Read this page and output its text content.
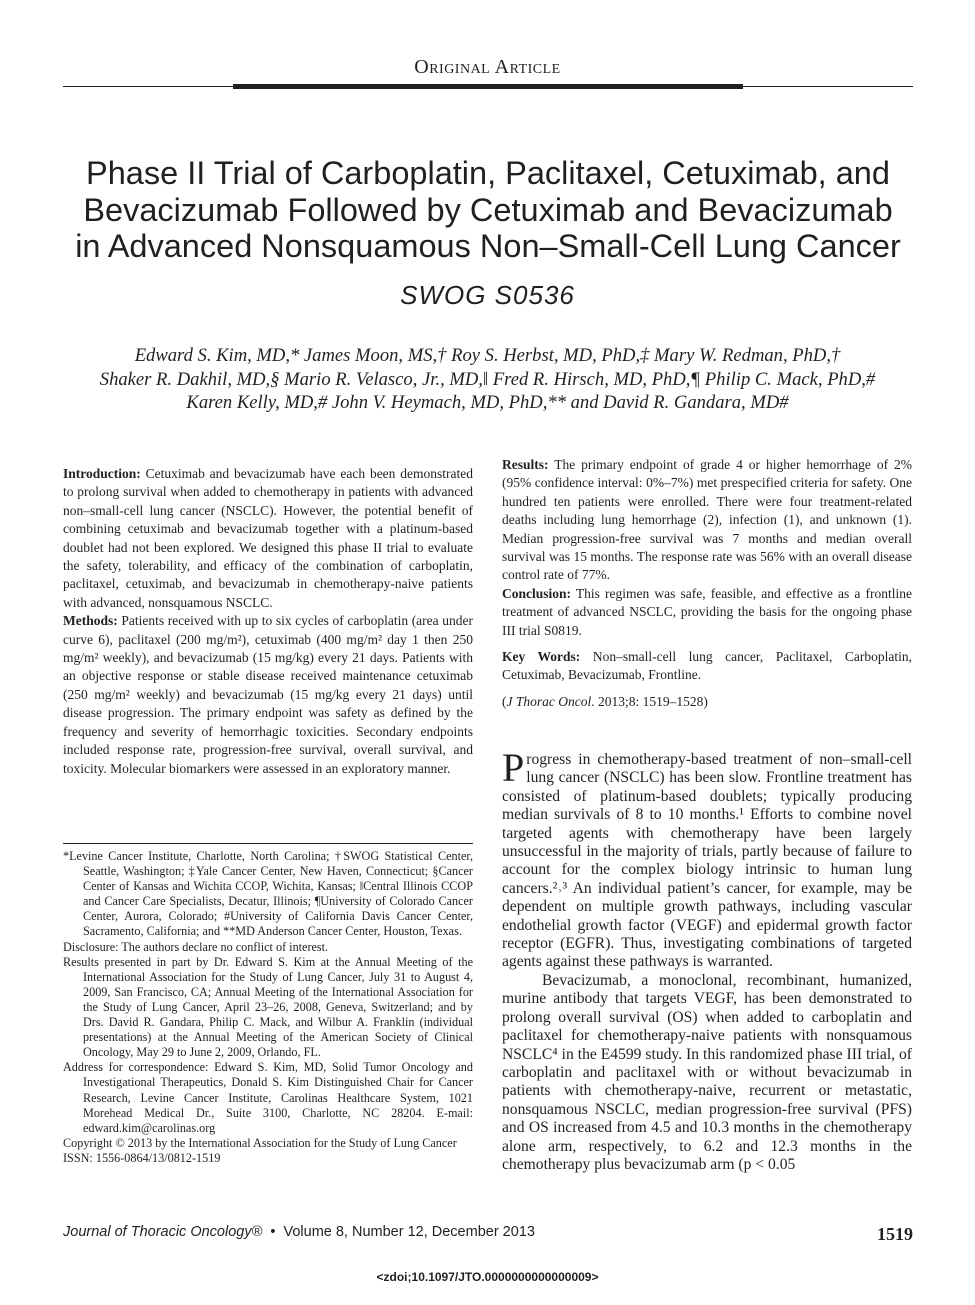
Original Article
Phase II Trial of Carboplatin, Paclitaxel, Cetuximab, and
Bevacizumab Followed by Cetuximab and Bevacizumab
in Advanced Nonsquamous Non–Small-Cell Lung Cancer
SWOG S0536
Edward S. Kim, MD,* James Moon, MS,† Roy S. Herbst, MD, PhD,‡ Mary W. Redman, PhD,†
Shaker R. Dakhil, MD,§ Mario R. Velasco, Jr., MD,‖ Fred R. Hirsch, MD, PhD,¶ Philip C. Mack, PhD,#
Karen Kelly, MD,# John V. Heymach, MD, PhD,** and David R. Gandara, MD#

Introduction: Cetuximab and bevacizumab have each been demonstrated to prolong survival when added to chemotherapy in patients with advanced non–small-cell lung cancer (NSCLC). However, the potential benefit of combining cetuximab and bevacizumab together with a platinum-based doublet had not been explored. We designed this phase II trial to evaluate the safety, tolerability, and efficacy of the combination of carboplatin, paclitaxel, cetuximab, and bevacizumab in chemotherapy-naive patients with advanced, nonsquamous NSCLC.

Methods: Patients received with up to six cycles of carboplatin (area under curve 6), paclitaxel (200 mg/m²), cetuximab (400 mg/m² day 1 then 250 mg/m² weekly), and bevacizumab (15 mg/kg) every 21 days. Patients with an objective response or stable disease received maintenance cetuximab (250 mg/m² weekly) and bevacizumab (15 mg/kg every 21 days) until disease progression. The primary endpoint was safety as defined by the frequency and severity of hemorrhagic toxicities. Secondary endpoints included response rate, progression-free survival, overall survival, and toxicity. Molecular biomarkers were assessed in an exploratory manner.

Results: The primary endpoint of grade 4 or higher hemorrhage of 2% (95% confidence interval: 0%–7%) met prespecified criteria for safety. One hundred ten patients were enrolled. There were four treatment-related deaths including lung hemorrhage (2), infection (1), and unknown (1). Median progression-free survival was 7 months and median overall survival was 15 months. The response rate was 56% with an overall disease control rate of 77%.

Conclusion: This regimen was safe, feasible, and effective as a frontline treatment of advanced NSCLC, providing the basis for the ongoing phase III trial S0819.

Key Words: Non–small-cell lung cancer, Paclitaxel, Carboplatin, Cetuximab, Bevacizumab, Frontline.

(J Thorac Oncol. 2013;8: 1519–1528)

*Levine Cancer Institute, Charlotte, North Carolina; †SWOG Statistical Center, Seattle, Washington; ‡Yale Cancer Center, New Haven, Connecticut; §Cancer Center of Kansas and Wichita CCOP, Wichita, Kansas; ‖Central Illinois CCOP and Cancer Care Specialists, Decatur, Illinois; ¶University of Colorado Cancer Center, Aurora, Colorado; #University of California Davis Cancer Center, Sacramento, California; and **MD Anderson Cancer Center, Houston, Texas.

Disclosure: The authors declare no conflict of interest.

Results presented in part by Dr. Edward S. Kim at the Annual Meeting of the International Association for the Study of Lung Cancer, July 31 to August 4, 2009, San Francisco, CA; Annual Meeting of the International Association for the Study of Lung Cancer, April 23–26, 2008, Geneva, Switzerland; and by Drs. David R. Gandara, Philip C. Mack, and Wilbur A. Franklin (individual presentations) at the Annual Meeting of the American Society of Clinical Oncology, May 29 to June 2, 2009, Orlando, FL.

Address for correspondence: Edward S. Kim, MD, Solid Tumor Oncology and Investigational Therapeutics, Donald S. Kim Distinguished Chair for Cancer Research, Levine Cancer Institute, Carolinas Healthcare System, 1021 Morehead Medical Dr., Suite 3100, Charlotte, NC 28204. E-mail: edward.kim@carolinas.org

Copyright © 2013 by the International Association for the Study of Lung Cancer

ISSN: 1556-0864/13/0812-1519

Progress in chemotherapy-based treatment of non–small-cell lung cancer (NSCLC) has been slow. Frontline treatment has consisted of platinum-based doublets; typically producing median survivals of 8 to 10 months.¹ Efforts to combine novel targeted agents with chemotherapy have been largely unsuccessful in the majority of trials, partly because of failure to account for the complex biology intrinsic to human lung cancers.²˒³ An individual patient’s cancer, for example, may be dependent on multiple growth pathways, including vascular endothelial growth factor (VEGF) and epidermal growth factor receptor (EGFR). Thus, investigating combinations of targeted agents against these pathways is warranted.

Bevacizumab, a monoclonal, recombinant, humanized, murine antibody that targets VEGF, has been demonstrated to prolong overall survival (OS) when added to carboplatin and paclitaxel for chemotherapy-naive patients with nonsquamous NSCLC⁴ in the E4599 study. In this randomized phase III trial, of carboplatin and paclitaxel with or without bevacizumab in patients with chemotherapy-naive, recurrent or metastatic, nonsquamous NSCLC, median progression-free survival (PFS) and OS increased from 4.5 and 10.3 months in the chemotherapy alone arm, respectively, to 6.2 and 12.3 months in the chemotherapy plus bevacizumab arm (p < 0.05

Journal of Thoracic Oncology®  •  Volume 8, Number 12, December 2013	1519
<zdoi;10.1097/JTO.0000000000000009>
